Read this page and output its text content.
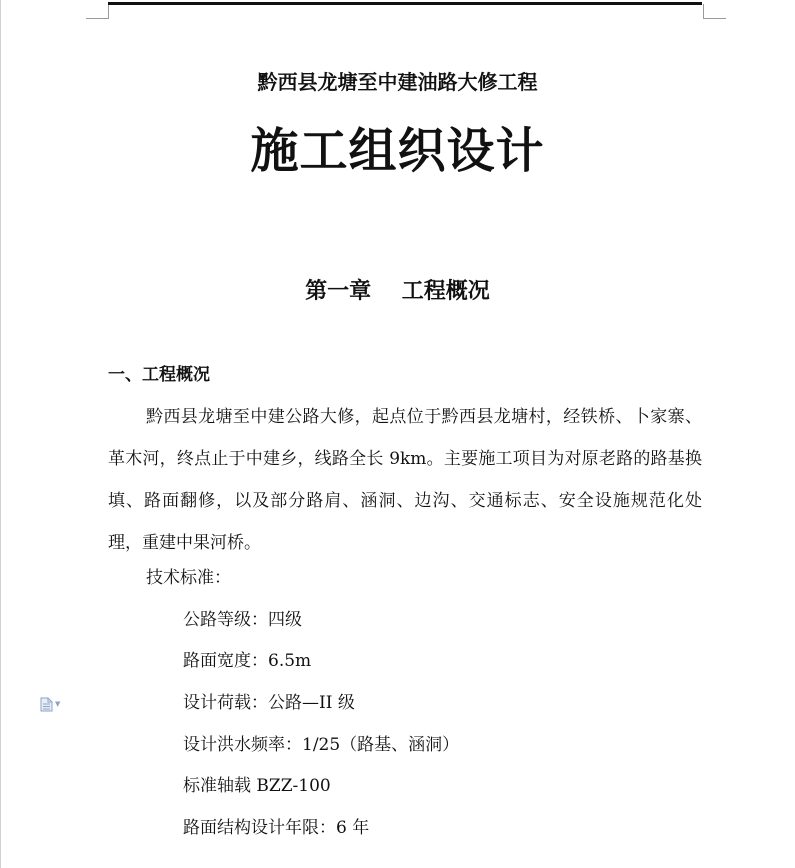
黔西县龙塘至中建油路大修工程
施工组织设计
第一章    工程概况
一、工程概况
黔西县龙塘至中建公路大修，起点位于黔西县龙塘村，经铁桥、卜家寨、革木河，终点止于中建乡，线路全长 9km。主要施工项目为对原老路的路基换填、路面翻修，以及部分路肩、涵洞、边沟、交通标志、安全设施规范化处理，重建中果河桥。
技术标准：
公路等级：四级
路面宽度：6.5m
设计荷载：公路—II 级
设计洪水频率：1/25（路基、涵洞）
标准轴载 BZZ-100
路面结构设计年限：6 年
▼
